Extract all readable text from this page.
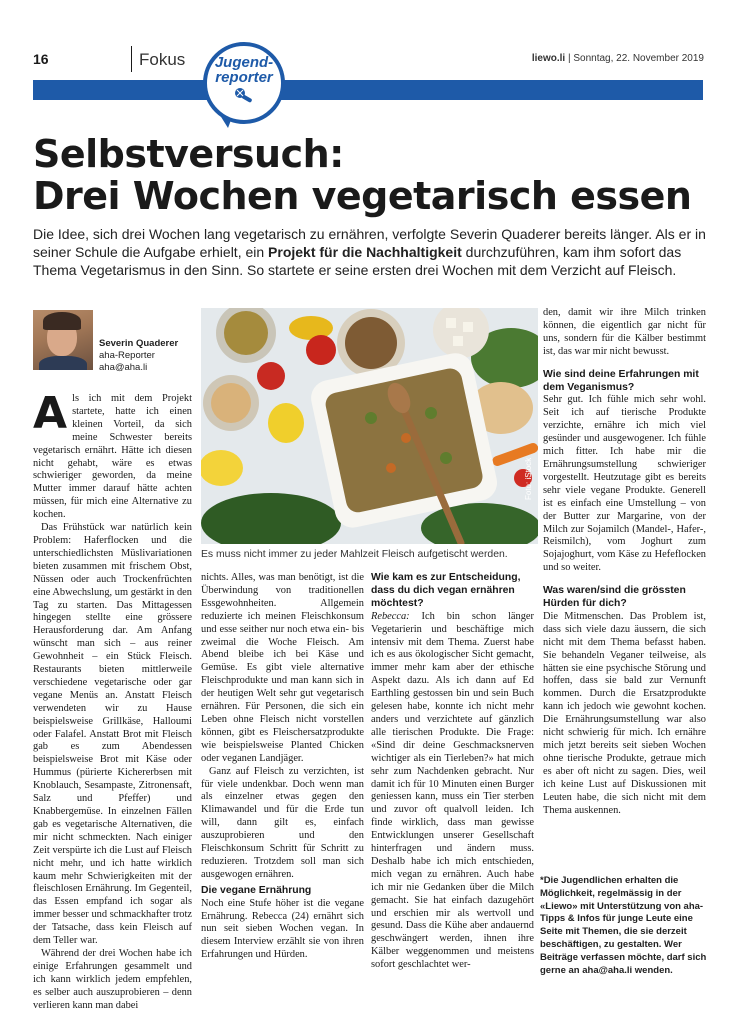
16	Fokus	liewo.li | Sonntag, 22. November 2019
Jugend-
reporter
Selbstversuch:
Drei Wochen vegetarisch essen

Die Idee, sich drei Wochen lang vegetarisch zu ernähren, verfolgte Severin Quaderer bereits länger. Als er in seiner Schule die Aufgabe erhielt, ein Projekt für die Nachhaltigkeit durchzuführen, kam ihm sofort das Thema Vegetarismus in den Sinn. So startete er seine ersten drei Wochen mit dem Verzicht auf Fleisch.

Severin Quaderer
aha-Reporter
aha@aha.li

Als ich mit dem Projekt startete, hatte ich einen kleinen Vorteil, da sich meine Schwester bereits vegetarisch ernährt. Hätte ich diesen nicht gehabt, wäre es etwas schwieriger geworden, da meine Mutter immer darauf hätte achten müssen, für mich eine Alternative zu kochen.

Das Frühstück war natürlich kein Problem: Haferflocken und die unterschiedlichsten Müslivariationen bieten zusammen mit frischem Obst, Nüssen oder auch Trockenfrüchten eine Abwechslung, um gestärkt in den Tag zu starten. Das Mittagessen hingegen stellte eine grössere Herausforderung dar. Am Anfang wünscht man sich – aus reiner Gewohnheit – ein Stück Fleisch. Restaurants bieten mittlerweile verschiedene vegetarische oder gar vegane Menüs an. Anstatt Fleisch verwendeten wir zu Hause beispielsweise Grillkäse, Halloumi oder Falafel. Anstatt Brot mit Fleisch gab es zum Abendessen beispielsweise Brot mit Käse oder Hummus (pürierte Kichererbsen mit Knoblauch, Sesampaste, Zitronensaft, Salz und Pfeffer) und Knabbergemüse. In einzelnen Fällen gab es vegetarische Alternativen, die mir nicht schmeckten. Nach einiger Zeit verspürte ich die Lust auf Fleisch nicht mehr, und ich hatte wirklich kaum mehr Schwierigkeiten mit der fleischlosen Ernährung. Im Gegenteil, das Essen empfand ich sogar als immer besser und schmackhafter trotz der Tatsache, dass kein Fleisch auf dem Teller war.

Während der drei Wochen habe ich einige Erfahrungen gesammelt und ich kann wirklich jedem empfehlen, es selber auch auszuprobieren – denn verlieren kann man dabei

Foto: iStock
Es muss nicht immer zu jeder Mahlzeit Fleisch aufgetischt werden.

nichts. Alles, was man benötigt, ist die Überwindung von traditionellen Essgewohnheiten. Allgemein reduzierte ich meinen Fleischkonsum und esse seither nur noch etwa ein- bis zweimal die Woche Fleisch. Am Abend bleibe ich bei Käse und Gemüse. Es gibt viele alternative Fleischprodukte und man kann sich in der heutigen Welt sehr gut vegetarisch ernähren. Für Personen, die sich ein Leben ohne Fleisch nicht vorstellen können, gibt es Fleischersatzprodukte wie beispielsweise Planted Chicken oder veganen Landjäger.

Ganz auf Fleisch zu verzichten, ist für viele undenkbar. Doch wenn man als einzelner etwas gegen den Klimawandel und für die Erde tun will, dann gilt es, einfach auszuprobieren und den Fleischkonsum Schritt für Schritt zu reduzieren. Trotzdem soll man sich ausgewogen ernähren.

Die vegane Ernährung

Noch eine Stufe höher ist die vegane Ernährung. Rebecca (24) ernährt sich nun seit sieben Wochen vegan. In diesem Interview erzählt sie von ihren Erfahrungen und Hürden.

Wie kam es zur Entscheidung, dass du dich vegan ernähren möchtest?

Rebecca: Ich bin schon länger Vegetarierin und beschäftige mich intensiv mit dem Thema. Zuerst habe ich es aus ökologischer Sicht gemacht, immer mehr kam aber der ethische Aspekt dazu. Als ich dann auf Ed Earthling gestossen bin und sein Buch gelesen habe, konnte ich nicht mehr anders und verzichtete auf gänzlich alle tierischen Produkte. Die Frage: «Sind dir deine Geschmacksnerven wichtiger als ein Tierleben?» hat mich sehr zum Nachdenken gebracht. Nur damit ich für 10 Minuten einen Burger geniessen kann, muss ein Tier sterben und zuvor oft qualvoll leiden. Ich finde wirklich, dass man gewisse Entwicklungen unserer Gesellschaft hinterfragen und ändern muss. Deshalb habe ich mich entschieden, mich vegan zu ernähren. Auch habe ich mir nie Gedanken über die Milch gemacht. Sie hat einfach dazugehört und erschien mir als wertvoll und gesund. Dass die Kühe aber andauernd geschwängert werden, ihnen ihre Kälber weggenommen und meistens sofort geschlachtet wer-

den, damit wir ihre Milch trinken können, die eigentlich gar nicht für uns, sondern für die Kälber bestimmt ist, das war mir nicht bewusst.

Wie sind deine Erfahrungen mit dem Veganismus?

Sehr gut. Ich fühle mich sehr wohl. Seit ich auf tierische Produkte verzichte, ernähre ich mich viel gesünder und ausgewogener. Ich fühle mich fitter. Ich habe mir die Ernährungsumstellung schwieriger vorgestellt. Heutzutage gibt es bereits sehr viele vegane Produkte. Generell ist es einfach eine Umstellung – von der Butter zur Margarine, von der Milch zur Sojamilch (Mandel-, Hafer-, Reismilch), vom Joghurt zum Sojajoghurt, vom Käse zu Hefeflocken und so weiter.

Was waren/sind die grössten Hürden für dich?

Die Mitmenschen. Das Problem ist, dass sich viele dazu äussern, die sich nicht mit dem Thema befasst haben. Sie behandeln Veganer teilweise, als hätten sie eine psychische Störung und hoffen, dass sie bald zur Vernunft kommen. Durch die Ersatzprodukte kann ich jedoch wie gewohnt kochen. Die Ernährungsumstellung war also nicht schwierig für mich. Ich ernähre mich jetzt bereits seit sieben Wochen ohne tierische Produkte, getraue mich es aber oft nicht zu sagen. Dies, weil ich keine Lust auf Diskussionen mit Leuten habe, die sich nicht mit dem Thema auskennen.

*Die Jugendlichen erhalten die Möglichkeit, regelmässig in der «Liewo» mit Unterstützung von aha-Tipps & Infos für junge Leute eine Seite mit Themen, die sie derzeit beschäftigen, zu gestalten. Wer Beiträge verfassen möchte, darf sich gerne an aha@aha.li wenden.
